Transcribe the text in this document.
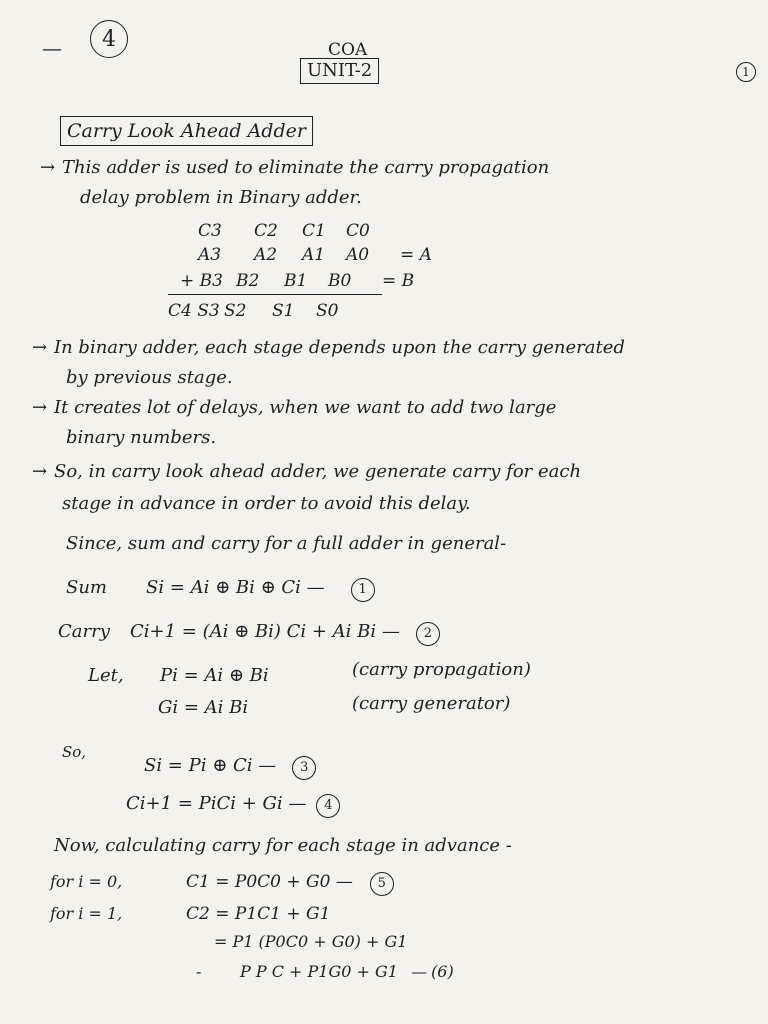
— 4	COA
UNIT-2	1
Carry Look Ahead Adder
→ This adder is used to eliminate the carry propagation
delay problem in Binary adder.
C3	C2	C1	C0
A3	A2	A1	A0	= A
+ B3 B2	B1	B0	= B
C4 S3 S2	S1	S0
→ In binary adder, each stage depends upon the carry generated
by previous stage.
→ It creates lot of delays, when we want to add two large
binary numbers.
→ So, in carry look ahead adder, we generate carry for each
stage in advance in order to avoid this delay.
Since, sum and carry for a full adder in general-
Sum Si = Ai ⊕ Bi ⊕ Ci —	1
Carry Ci+1 = (Ai ⊕ Bi) Ci + Ai Bi — 2
Let, Pi = Ai ⊕ Bi	(carry propagation)
Gi = Ai Bi	(carry generator)
So,
Si = Pi ⊕ Ci — 3
Ci+1 = PiCi + Gi — 4
Now, calculating carry for each stage in advance -
for i = 0,	C1 = P0C0 + G0 — 5
for i = 1,	C2 = P1C1 + G1
= P1 (P0C0 + G0) + G1
‐ P P C + P1G0 + G1 — (6)
